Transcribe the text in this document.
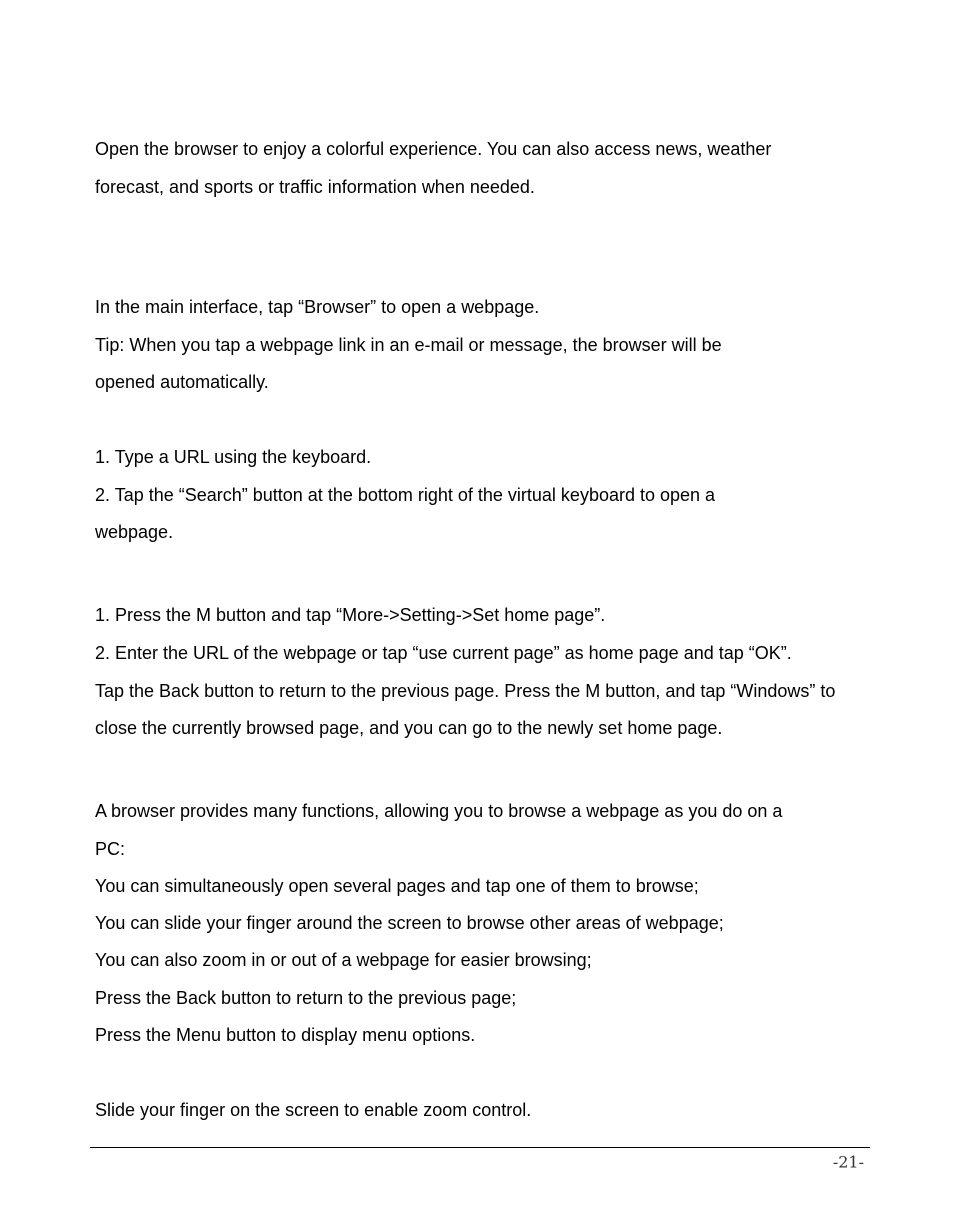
Open the browser to enjoy a colorful experience. You can also access news, weather
forecast, and sports or traffic information when needed.
In the main interface, tap “Browser” to open a webpage.
Tip: When you tap a webpage link in an e-mail or message, the browser will be
opened automatically.
1. Type a URL using the keyboard.
2. Tap the “Search” button at the bottom right of the virtual keyboard to open a
webpage.
1. Press the M button and tap “More->Setting->Set home page”.
2. Enter the URL of the webpage or tap “use current page” as home page and tap “OK”.
Tap the Back button to return to the previous page. Press the M button, and tap “Windows” to
close the currently browsed page, and you can go to the newly set home page.
A browser provides many functions, allowing you to browse a webpage as you do on a
PC:
You can simultaneously open several pages and tap one of them to browse;
You can slide your finger around the screen to browse other areas of webpage;
You can also zoom in or out of a webpage for easier browsing;
Press the Back button to return to the previous page;
Press the Menu button to display menu options.
Slide your finger on the screen to enable zoom control.
-21-
